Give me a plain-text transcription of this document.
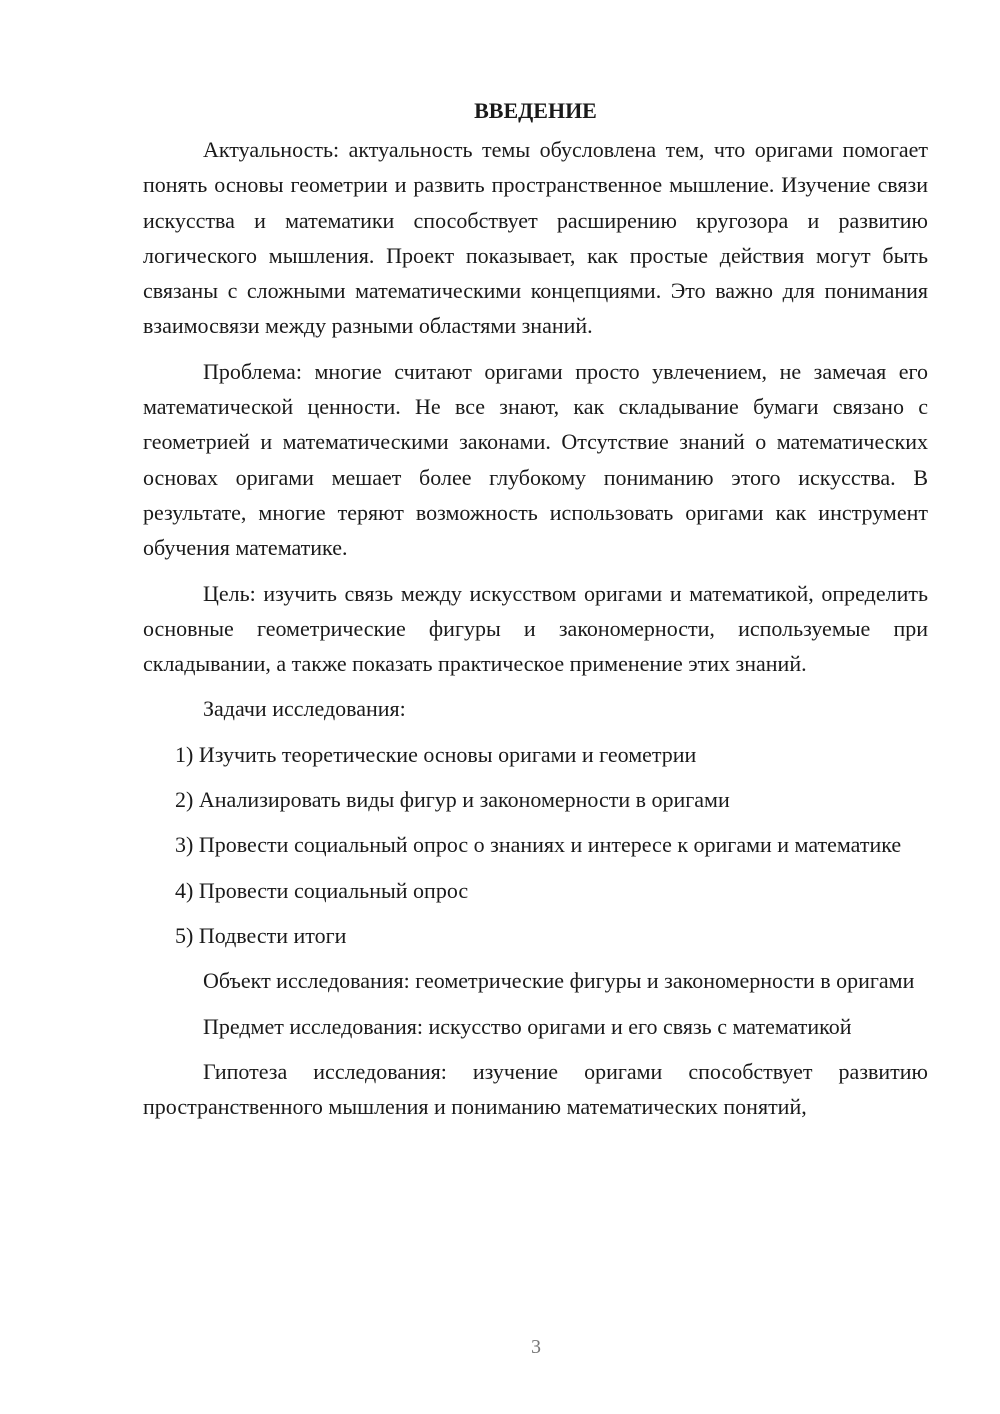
ВВЕДЕНИЕ

Актуальность: актуальность темы обусловлена тем, что оригами помогает понять основы геометрии и развить пространственное мышление. Изучение связи искусства и математики способствует расширению кругозора и развитию логического мышления. Проект показывает, как простые действия могут быть связаны с сложными математическими концепциями. Это важно для понимания взаимосвязи между разными областями знаний.

Проблема: многие считают оригами просто увлечением, не замечая его математической ценности. Не все знают, как складывание бумаги связано с геометрией и математическими законами. Отсутствие знаний о математических основах оригами мешает более глубокому пониманию этого искусства. В результате, многие теряют возможность использовать оригами как инструмент обучения математике.

Цель: изучить связь между искусством оригами и математикой, определить основные геометрические фигуры и закономерности, используемые при складывании, а также показать практическое применение этих знаний.

Задачи исследования:

1) Изучить теоретические основы оригами и геометрии

2) Анализировать виды фигур и закономерности в оригами

3) Провести социальный опрос о знаниях и интересе к оригами и математике

4) Провести социальный опрос

5) Подвести итоги

Объект исследования: геометрические фигуры и закономерности в оригами

Предмет исследования: искусство оригами и его связь с математикой

Гипотеза исследования: изучение оригами способствует развитию пространственного мышления и пониманию математических понятий,

3
